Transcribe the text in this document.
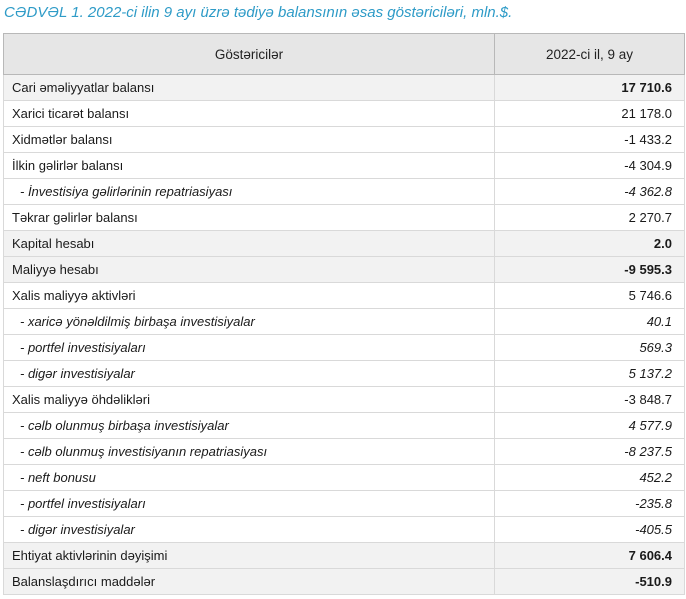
CƏDVƏL 1. 2022-ci ilin 9 ayı üzrə tədiyə balansının əsas göstəriciləri, mln.$.
Göstəricilər	2022-ci il, 9 ay
Cari əməliyyatlar balansı	17 710.6
Xarici ticarət balansı	21 178.0
Xidmətlər balansı	-1 433.2
İlkin gəlirlər balansı	-4 304.9
- İnvestisiya gəlirlərinin repatriasiyası	-4 362.8
Təkrar gəlirlər balansı	2 270.7
Kapital hesabı	2.0
Maliyyə hesabı	-9 595.3
Xalis maliyyə aktivləri	5 746.6
- xaricə yönəldilmiş birbaşa investisiyalar	40.1
- portfel investisiyaları	569.3
- digər investisiyalar	5 137.2
Xalis maliyyə öhdəlikləri	-3 848.7
- cəlb olunmuş birbaşa investisiyalar	4 577.9
- cəlb olunmuş investisiyanın repatriasiyası	-8 237.5
- neft bonusu	452.2
- portfel investisiyaları	-235.8
- digər investisiyalar	-405.5
Ehtiyat aktivlərinin dəyişimi	7 606.4
Balanslaşdırıcı maddələr	-510.9
